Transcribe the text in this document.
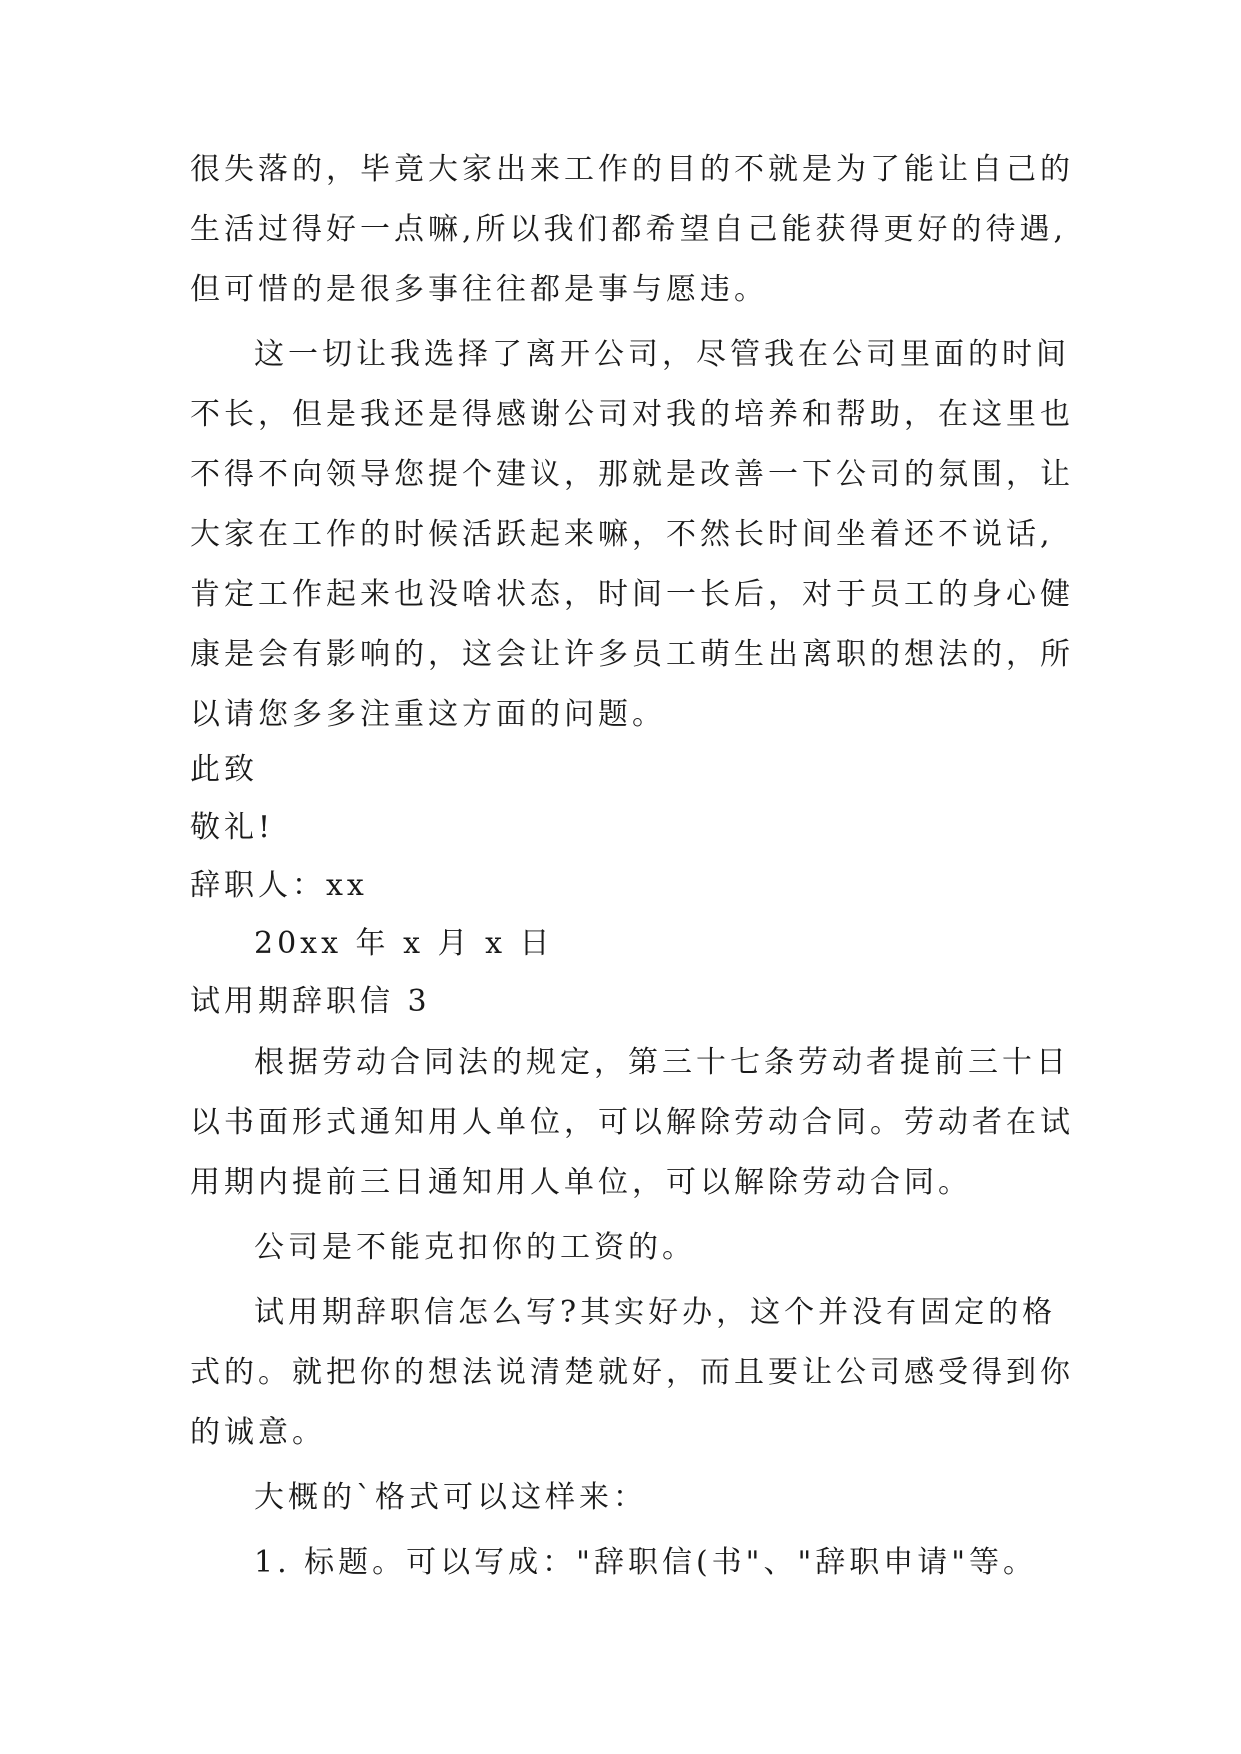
很失落的，毕竟大家出来工作的目的不就是为了能让自己的
生活过得好一点嘛,所以我们都希望自己能获得更好的待遇,
但可惜的是很多事往往都是事与愿违。
这一切让我选择了离开公司，尽管我在公司里面的时间
不长，但是我还是得感谢公司对我的培养和帮助，在这里也
不得不向领导您提个建议，那就是改善一下公司的氛围，让
大家在工作的时候活跃起来嘛，不然长时间坐着还不说话,
肯定工作起来也没啥状态，时间一长后，对于员工的身心健
康是会有影响的，这会让许多员工萌生出离职的想法的，所
以请您多多注重这方面的问题。
此致
敬礼!
辞职人：xx
20xx 年 x 月 x 日
试用期辞职信 3
根据劳动合同法的规定，第三十七条劳动者提前三十日
以书面形式通知用人单位，可以解除劳动合同。劳动者在试
用期内提前三日通知用人单位，可以解除劳动合同。
公司是不能克扣你的工资的。
试用期辞职信怎么写?其实好办，这个并没有固定的格
式的。就把你的想法说清楚就好，而且要让公司感受得到你
的诚意。
大概的`格式可以这样来：
1. 标题。可以写成："辞职信(书"、"辞职申请"等。
